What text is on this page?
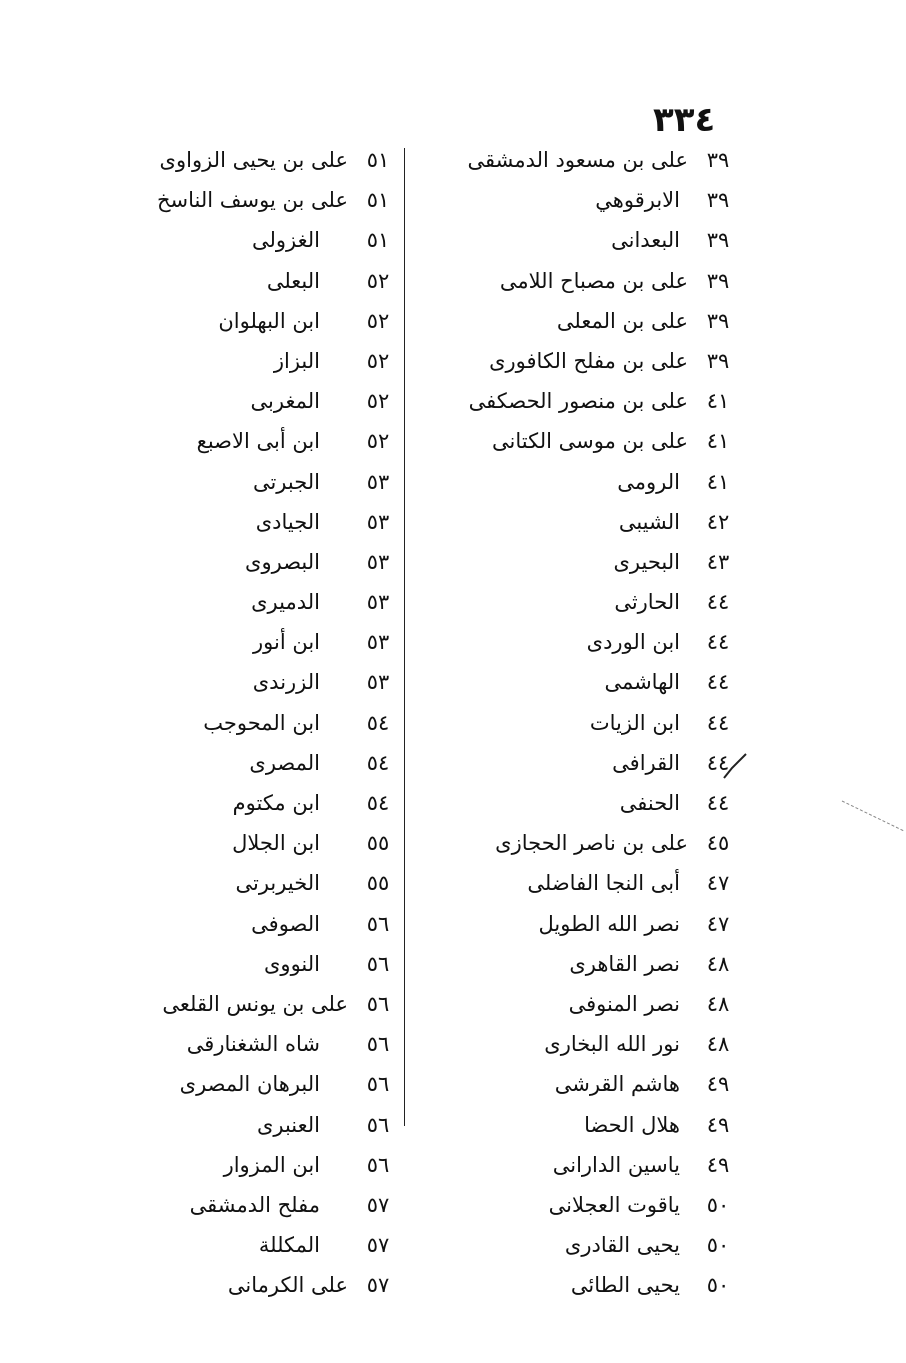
٣٣٤
٣٩
على بن مسعود الدمشقى
٣٩
الابرقوهي
٣٩
البعدانى
٣٩
على بن مصباح اللامى
٣٩
على بن المعلى
٣٩
على بن مفلح الكافورى
٤١
على بن منصور الحصكفى
٤١
على بن موسى الكتانى
٤١
الرومى
٤٢
الشيبى
٤٣
البحيرى
٤٤
الحارثى
٤٤
ابن الوردى
٤٤
الهاشمى
٤٤
ابن الزيات
٤٤
القرافى
٤٤
الحنفى
٤٥
على بن ناصر الحجازى
٤٧
أبى النجا الفاضلى
٤٧
نصر الله الطويل
٤٨
نصر القاهرى
٤٨
نصر المنوفى
٤٨
نور الله البخارى
٤٩
هاشم القرشى
٤٩
هلال الحضا
٤٩
ياسين الدارانى
٥٠
ياقوت العجلانى
٥٠
يحيى القادرى
٥٠
يحيى الطائى
٥١
على بن يحيى الزواوى
٥١
على بن يوسف الناسخ
٥١
الغزولى
٥٢
البعلى
٥٢
ابن البهلوان
٥٢
البزاز
٥٢
المغربى
٥٢
ابن أبى الاصبع
٥٣
الجبرتى
٥٣
الجيادى
٥٣
البصروى
٥٣
الدميرى
٥٣
ابن أنور
٥٣
الزرندى
٥٤
ابن المحوجب
٥٤
المصرى
٥٤
ابن مكتوم
٥٥
ابن الجلال
٥٥
الخيربرتى
٥٦
الصوفى
٥٦
النووى
٥٦
على بن يونس القلعى
٥٦
شاه الشغنارقى
٥٦
البرهان المصرى
٥٦
العنبرى
٥٦
ابن المزوار
٥٧
مفلح الدمشقى
٥٧
المكللة
٥٧
على الكرمانى
